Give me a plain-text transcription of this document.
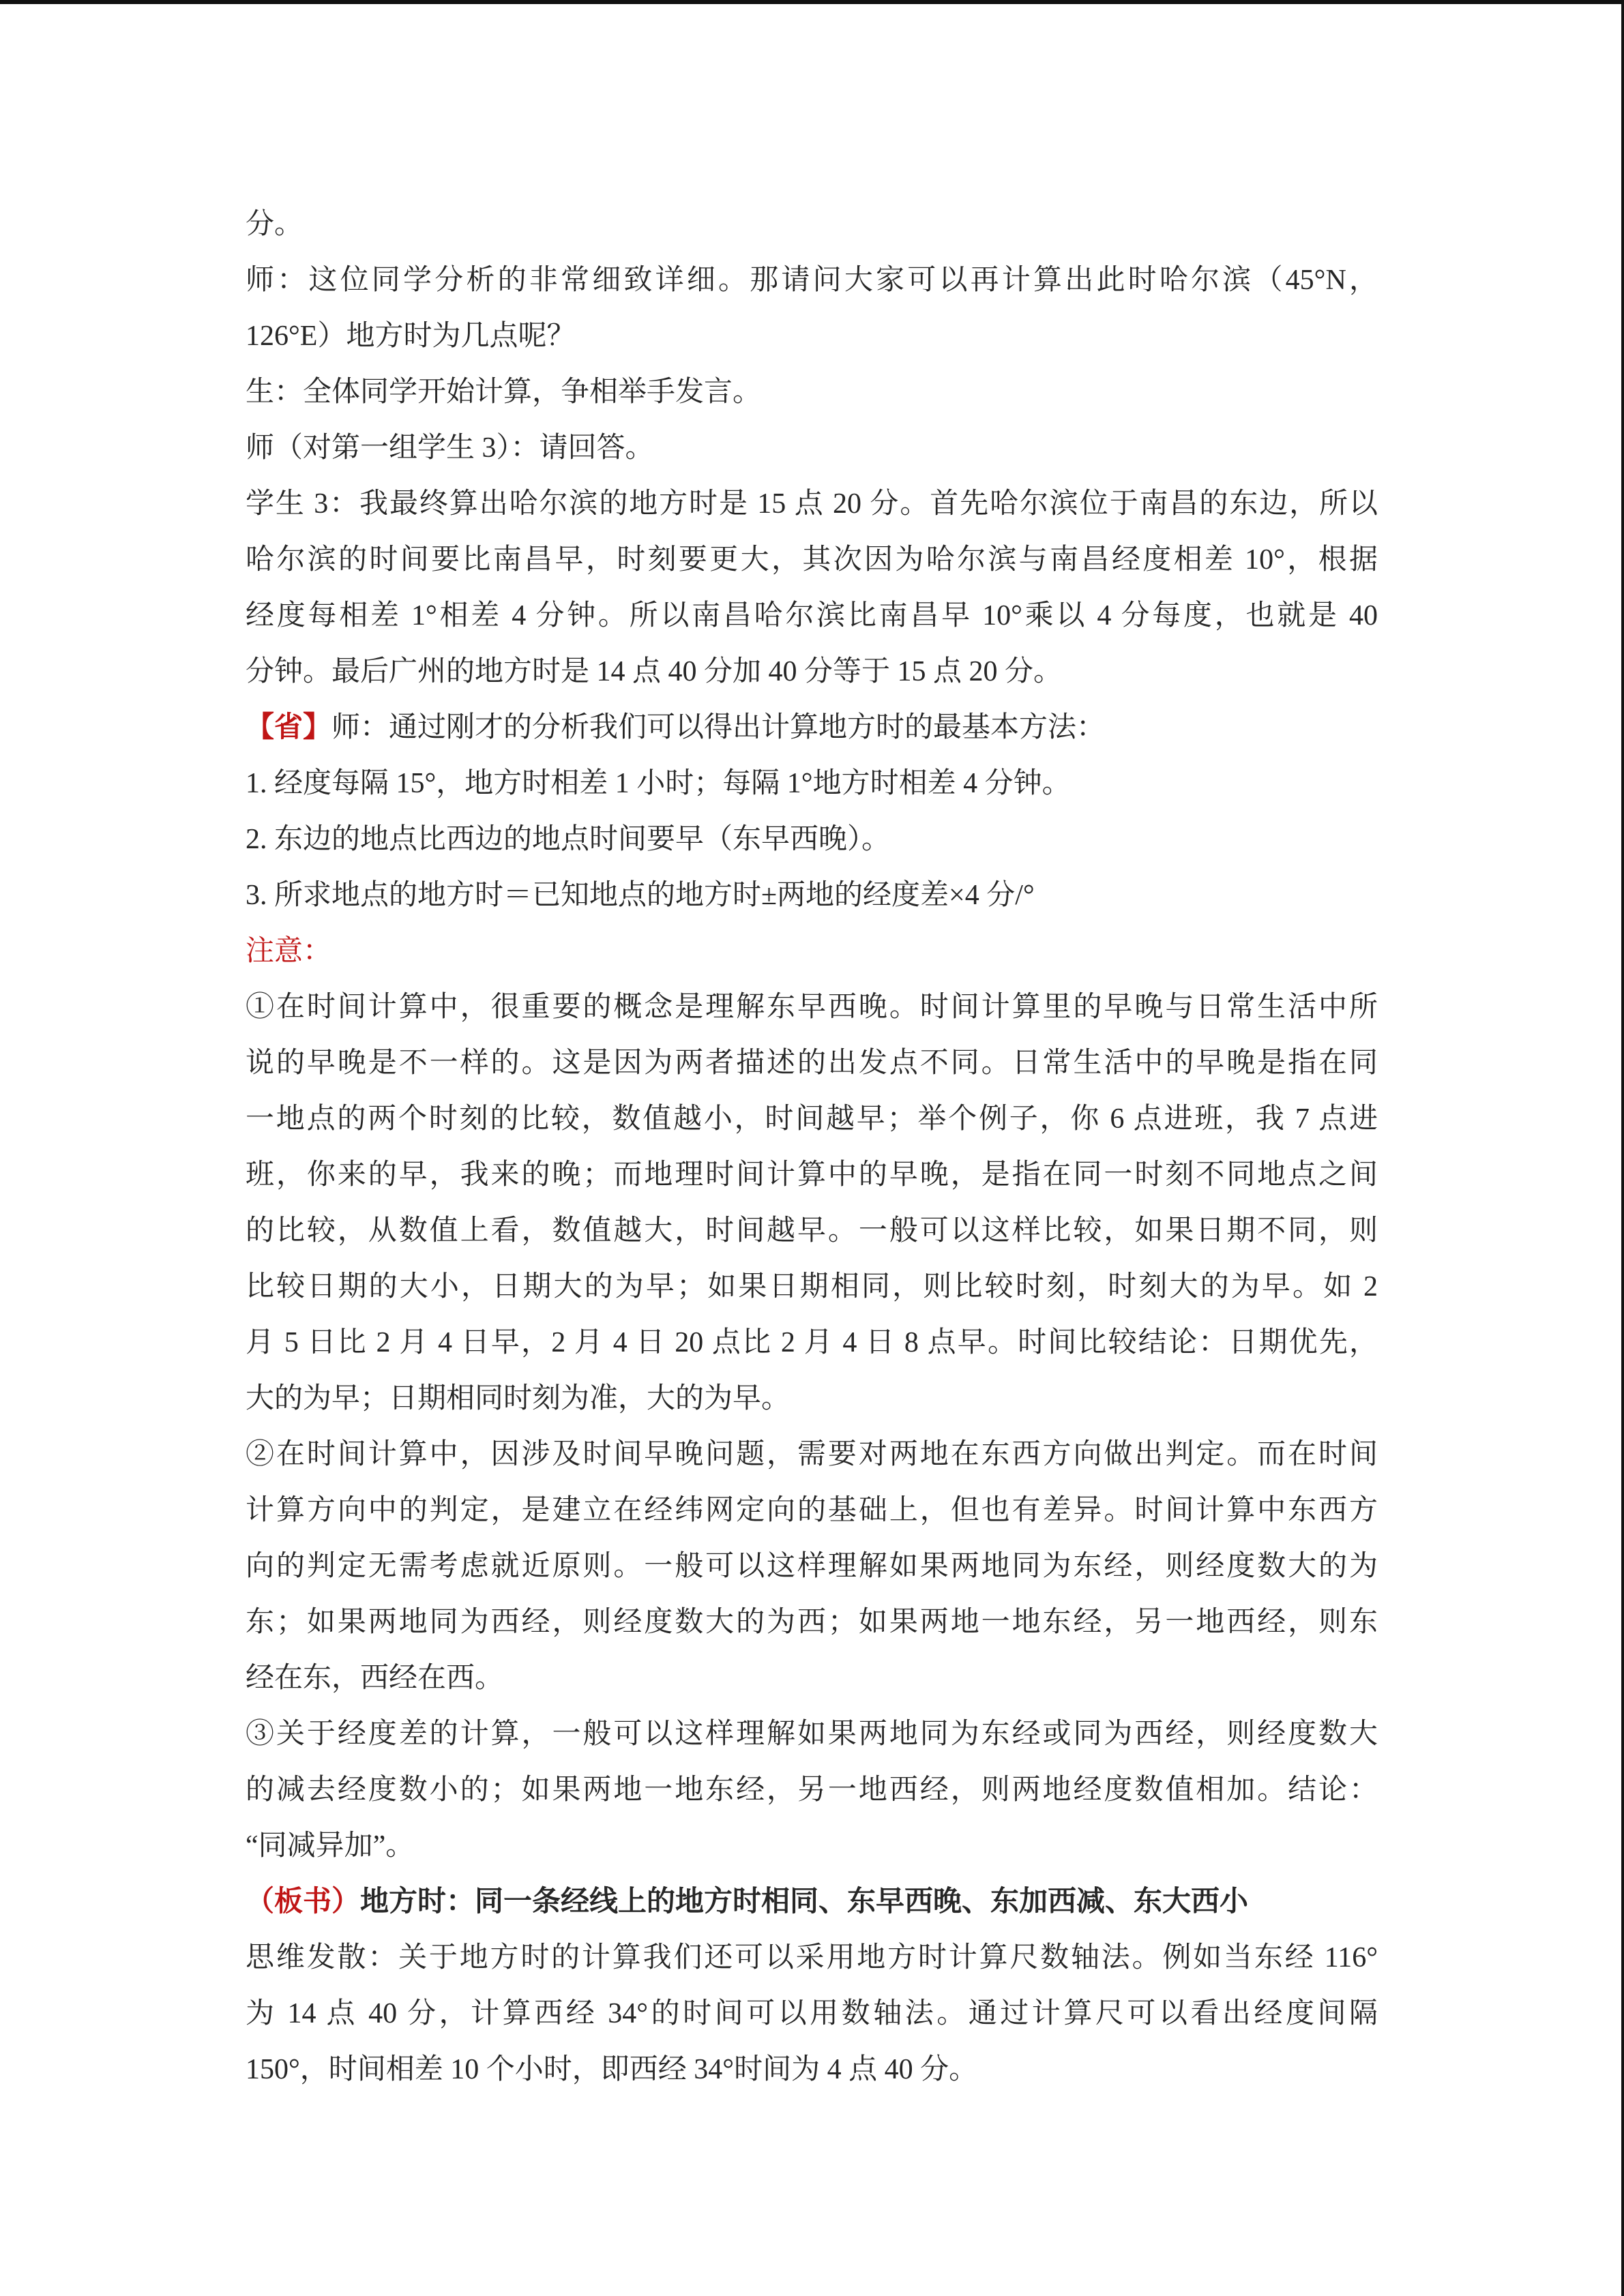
分。
师：这位同学分析的非常细致详细。那请问大家可以再计算出此时哈尔滨（45°N，
126°E）地方时为几点呢？
生：全体同学开始计算，争相举手发言。
师（对第一组学生 3）：请回答。
学生 3：我最终算出哈尔滨的地方时是 15 点 20 分。首先哈尔滨位于南昌的东边，所以
哈尔滨的时间要比南昌早，时刻要更大，其次因为哈尔滨与南昌经度相差 10°，根据
经度每相差 1°相差 4 分钟。所以南昌哈尔滨比南昌早 10°乘以 4 分每度，也就是 40
分钟。最后广州的地方时是 14 点 40 分加 40 分等于 15 点 20 分。
【省】师：通过刚才的分析我们可以得出计算地方时的最基本方法：
1. 经度每隔 15°，地方时相差 1 小时；每隔 1°地方时相差 4 分钟。
2. 东边的地点比西边的地点时间要早（东早西晚）。
3. 所求地点的地方时＝已知地点的地方时±两地的经度差×4 分/°
注意：
①在时间计算中，很重要的概念是理解东早西晚。时间计算里的早晚与日常生活中所
说的早晚是不一样的。这是因为两者描述的出发点不同。日常生活中的早晚是指在同
一地点的两个时刻的比较，数值越小，时间越早；举个例子，你 6 点进班，我 7 点进
班，你来的早，我来的晚；而地理时间计算中的早晚，是指在同一时刻不同地点之间
的比较，从数值上看，数值越大，时间越早。一般可以这样比较，如果日期不同，则
比较日期的大小，日期大的为早；如果日期相同，则比较时刻，时刻大的为早。如 2
月 5 日比 2 月 4 日早，2 月 4 日 20 点比 2 月 4 日 8 点早。时间比较结论：日期优先，
大的为早；日期相同时刻为准，大的为早。
②在时间计算中，因涉及时间早晚问题，需要对两地在东西方向做出判定。而在时间
计算方向中的判定，是建立在经纬网定向的基础上，但也有差异。时间计算中东西方
向的判定无需考虑就近原则。一般可以这样理解如果两地同为东经，则经度数大的为
东；如果两地同为西经，则经度数大的为西；如果两地一地东经，另一地西经，则东
经在东，西经在西。
③关于经度差的计算，一般可以这样理解如果两地同为东经或同为西经，则经度数大
的减去经度数小的；如果两地一地东经，另一地西经，则两地经度数值相加。结论：
“同减异加”。
（板书）地方时：同一条经线上的地方时相同、东早西晚、东加西减、东大西小
思维发散：关于地方时的计算我们还可以采用地方时计算尺数轴法。例如当东经 116°
为 14 点 40 分，计算西经 34°的时间可以用数轴法。通过计算尺可以看出经度间隔
150°，时间相差 10 个小时，即西经 34°时间为 4 点 40 分。
